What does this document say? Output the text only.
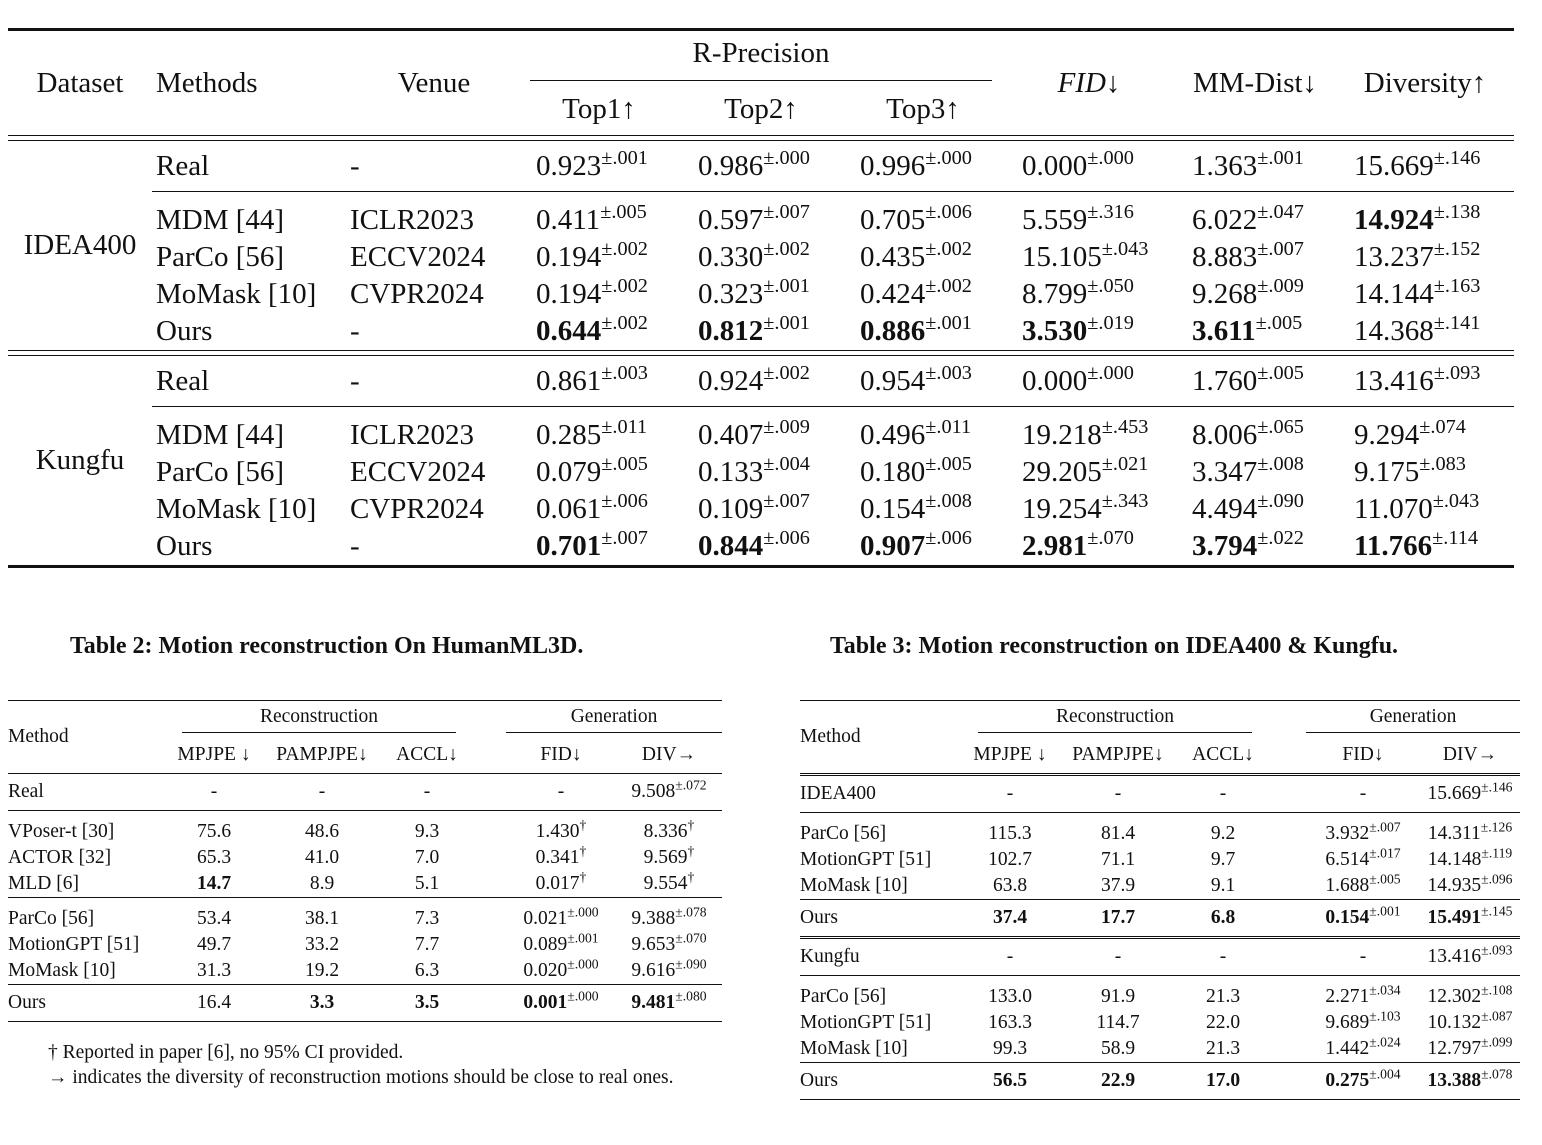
Dataset	Methods	Venue	R-Precision			FID↓	MM-Dist↓	Diversity↑
			Top1↑	Top2↑	Top3↑			

IDEA400	Real	-	$0.923^{\pm.001}$	$0.986^{\pm.000}$	$0.996^{\pm.000}$	$0.000^{\pm.000}$	$1.363^{\pm.001}$	$15.669^{\pm.146}$
	MDM [44]	ICLR2023	$0.411^{\pm.005}$	$0.597^{\pm.007}$	$0.705^{\pm.006}$	$5.559^{\pm.316}$	$6.022^{\pm.047}$	$14.924^{\pm.138}$
	ParCo [56]	ECCV2024	$0.194^{\pm.002}$	$0.330^{\pm.002}$	$0.435^{\pm.002}$	$15.105^{\pm.043}$	$8.883^{\pm.007}$	$13.237^{\pm.152}$
	MoMask [10]	CVPR2024	$0.194^{\pm.002}$	$0.323^{\pm.001}$	$0.424^{\pm.002}$	$8.799^{\pm.050}$	$9.268^{\pm.009}$	$14.144^{\pm.163}$
	Ours	-	$0.644^{\pm.002}$	$0.812^{\pm.001}$	$0.886^{\pm.001}$	$3.530^{\pm.019}$	$3.611^{\pm.005}$	$14.368^{\pm.141}$

Kungfu	Real	-	$0.861^{\pm.003}$	$0.924^{\pm.002}$	$0.954^{\pm.003}$	$0.000^{\pm.000}$	$1.760^{\pm.005}$	$13.416^{\pm.093}$
	MDM [44]	ICLR2023	$0.285^{\pm.011}$	$0.407^{\pm.009}$	$0.496^{\pm.011}$	$19.218^{\pm.453}$	$8.006^{\pm.065}$	$9.294^{\pm.074}$
	ParCo [56]	ECCV2024	$0.079^{\pm.005}$	$0.133^{\pm.004}$	$0.180^{\pm.005}$	$29.205^{\pm.021}$	$3.347^{\pm.008}$	$9.175^{\pm.083}$
	MoMask [10]	CVPR2024	$0.061^{\pm.006}$	$0.109^{\pm.007}$	$0.154^{\pm.008}$	$19.254^{\pm.343}$	$4.494^{\pm.090}$	$11.070^{\pm.043}$
	Ours	-	$0.701^{\pm.007}$	$0.844^{\pm.006}$	$0.907^{\pm.006}$	$2.981^{\pm.070}$	$3.794^{\pm.022}$	$11.766^{\pm.114}$
Table 2: Motion reconstruction On HumanML3D.	Table 3: Motion reconstruction on IDEA400 & Kungfu.
Method	Reconstruction				Generation	

	MPJPE ↓	PAMPJPE↓	ACCL↓		FID↓	DIV→
Real	-	-	-		-	$9.508^{\pm.072}$
VPoser-t [30]	75.6	48.6	9.3		1.430†	8.336†
ACTOR [32]	65.3	41.0	7.0		0.341†	9.569†
MLD [6]	14.7	8.9	5.1		0.017†	9.554†
ParCo [56]	53.4	38.1	7.3		$0.021^{\pm.000}$	$9.388^{\pm.078}$
MotionGPT [51]	49.7	33.2	7.7		$0.089^{\pm.001}$	$9.653^{\pm.070}$
MoMask [10]	31.3	19.2	6.3		$0.020^{\pm.000}$	$9.616^{\pm.090}$
Ours	16.4	3.3	3.5		$0.001^{\pm.000}$	$9.481^{\pm.080}$
† Reported in paper [6], no 95% CI provided.
→ indicates the diversity of reconstruction motions should be close to real ones.
Method	Reconstruction				Generation	

	MPJPE ↓	PAMPJPE↓	ACCL↓		FID↓	DIV→
IDEA400	-	-	-		-	$15.669^{\pm.146}$
ParCo [56]	115.3	81.4	9.2		$3.932^{\pm.007}$	$14.311^{\pm.126}$
MotionGPT [51]	102.7	71.1	9.7		$6.514^{\pm.017}$	$14.148^{\pm.119}$
MoMask [10]	63.8	37.9	9.1		$1.688^{\pm.005}$	$14.935^{\pm.096}$
Ours	37.4	17.7	6.8		$0.154^{\pm.001}$	$15.491^{\pm.145}$
Kungfu	-	-	-		-	$13.416^{\pm.093}$
ParCo [56]	133.0	91.9	21.3		$2.271^{\pm.034}$	$12.302^{\pm.108}$
MotionGPT [51]	163.3	114.7	22.0		$9.689^{\pm.103}$	$10.132^{\pm.087}$
MoMask [10]	99.3	58.9	21.3		$1.442^{\pm.024}$	$12.797^{\pm.099}$
Ours	56.5	22.9	17.0		$0.275^{\pm.004}$	$13.388^{\pm.078}$
